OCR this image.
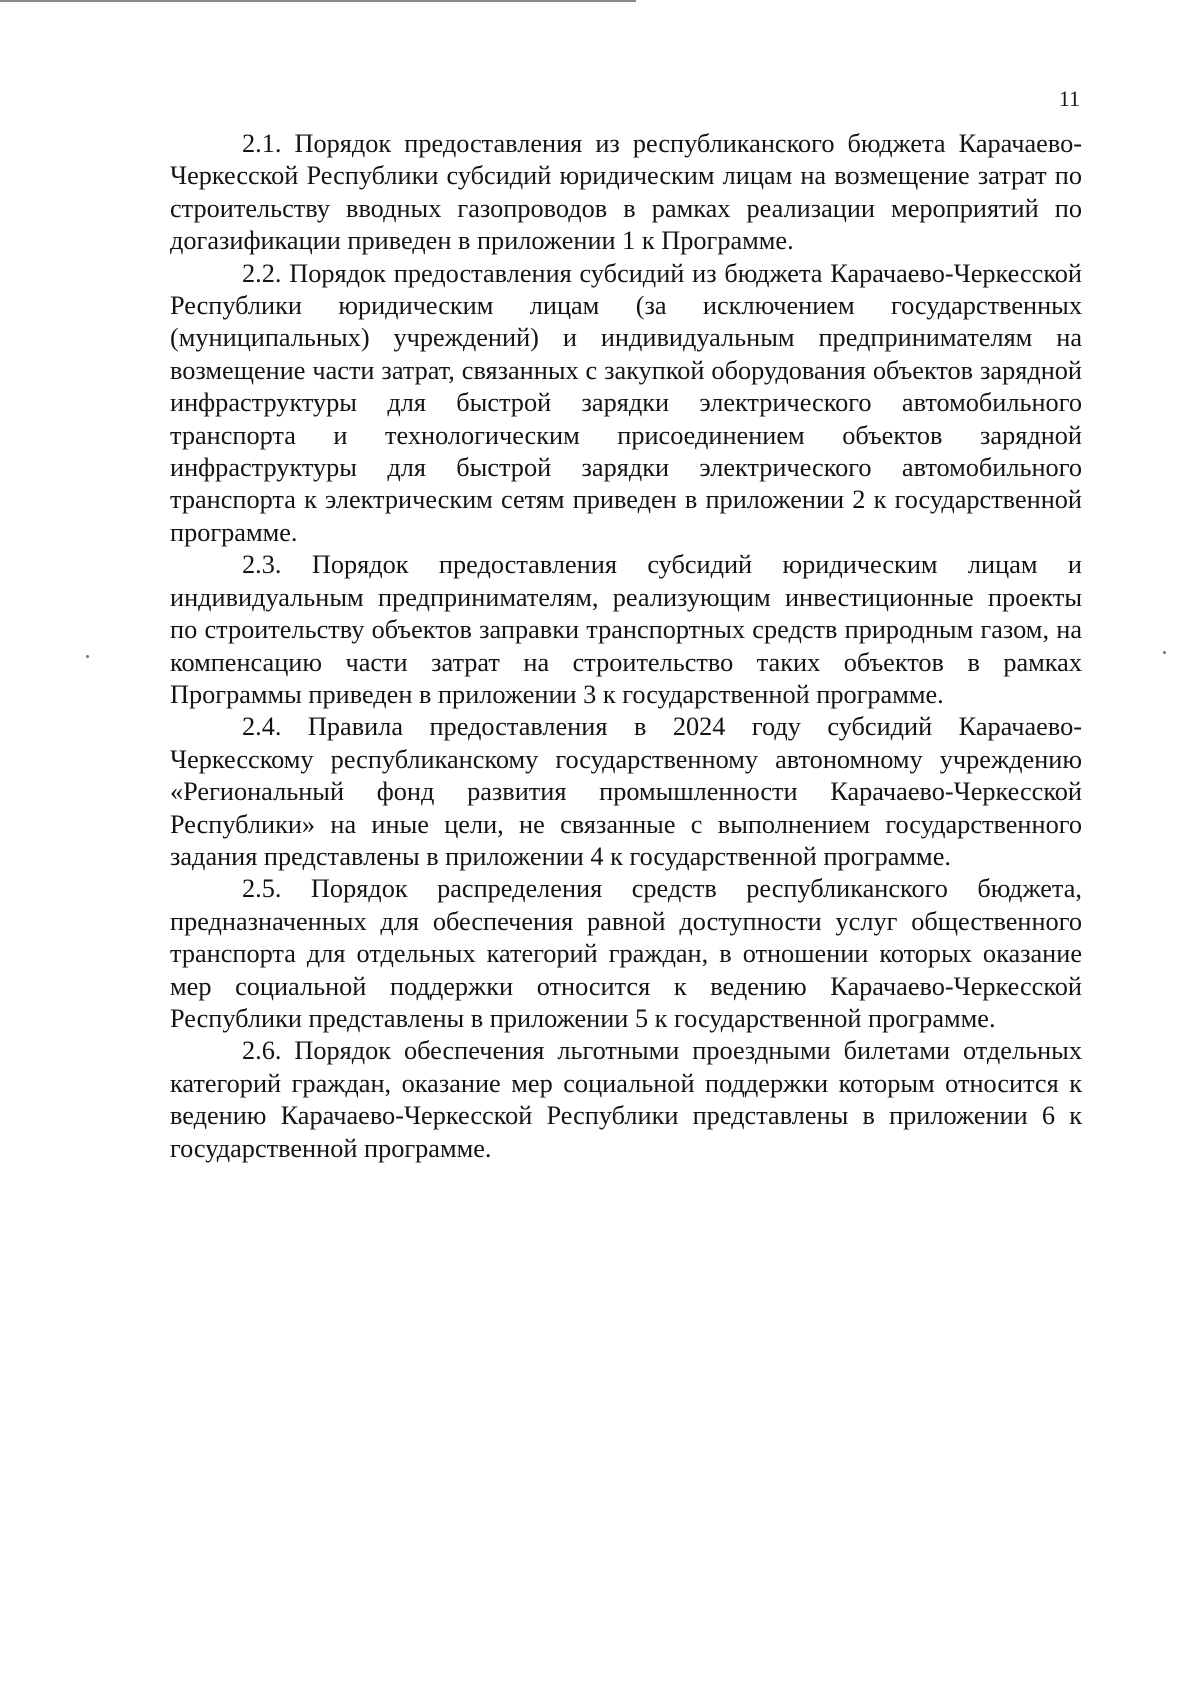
11

2.1. Порядок предоставления из республиканского бюджета Карачаево-Черкесской Республики субсидий юридическим лицам на возмещение затрат по строительству вводных газопроводов в рамках реализации мероприятий по догазификации приведен в приложении 1 к Программе.

2.2. Порядок предоставления субсидий из бюджета Карачаево-Черкесской Республики юридическим лицам (за исключением государственных (муниципальных) учреждений) и индивидуальным предпринимателям на возмещение части затрат, связанных с закупкой оборудования объектов зарядной инфраструктуры для быстрой зарядки электрического автомобильного транспорта и технологическим присоединением объектов зарядной инфраструктуры для быстрой зарядки электрического автомобильного транспорта к электрическим сетям приведен в приложении 2 к государственной программе.

2.3. Порядок предоставления субсидий юридическим лицам и индивидуальным предпринимателям, реализующим инвестиционные проекты по строительству объектов заправки транспортных средств природным газом, на компенсацию части затрат на строительство таких объектов в рамках Программы приведен в приложении 3 к государственной программе.

2.4. Правила предоставления в 2024 году субсидий Карачаево-Черкесскому республиканскому государственному автономному учреждению «Региональный фонд развития промышленности Карачаево-Черкесской Республики» на иные цели, не связанные с выполнением государственного задания представлены в приложении 4 к государственной программе.

2.5. Порядок распределения средств республиканского бюджета, предназначенных для обеспечения равной доступности услуг общественного транспорта для отдельных категорий граждан, в отношении которых оказание мер социальной поддержки относится к ведению Карачаево-Черкесской Республики представлены в приложении 5 к государственной программе.

2.6. Порядок обеспечения льготными проездными билетами отдельных категорий граждан, оказание мер социальной поддержки которым относится к ведению Карачаево-Черкесской Республики представлены в приложении 6 к государственной программе.
